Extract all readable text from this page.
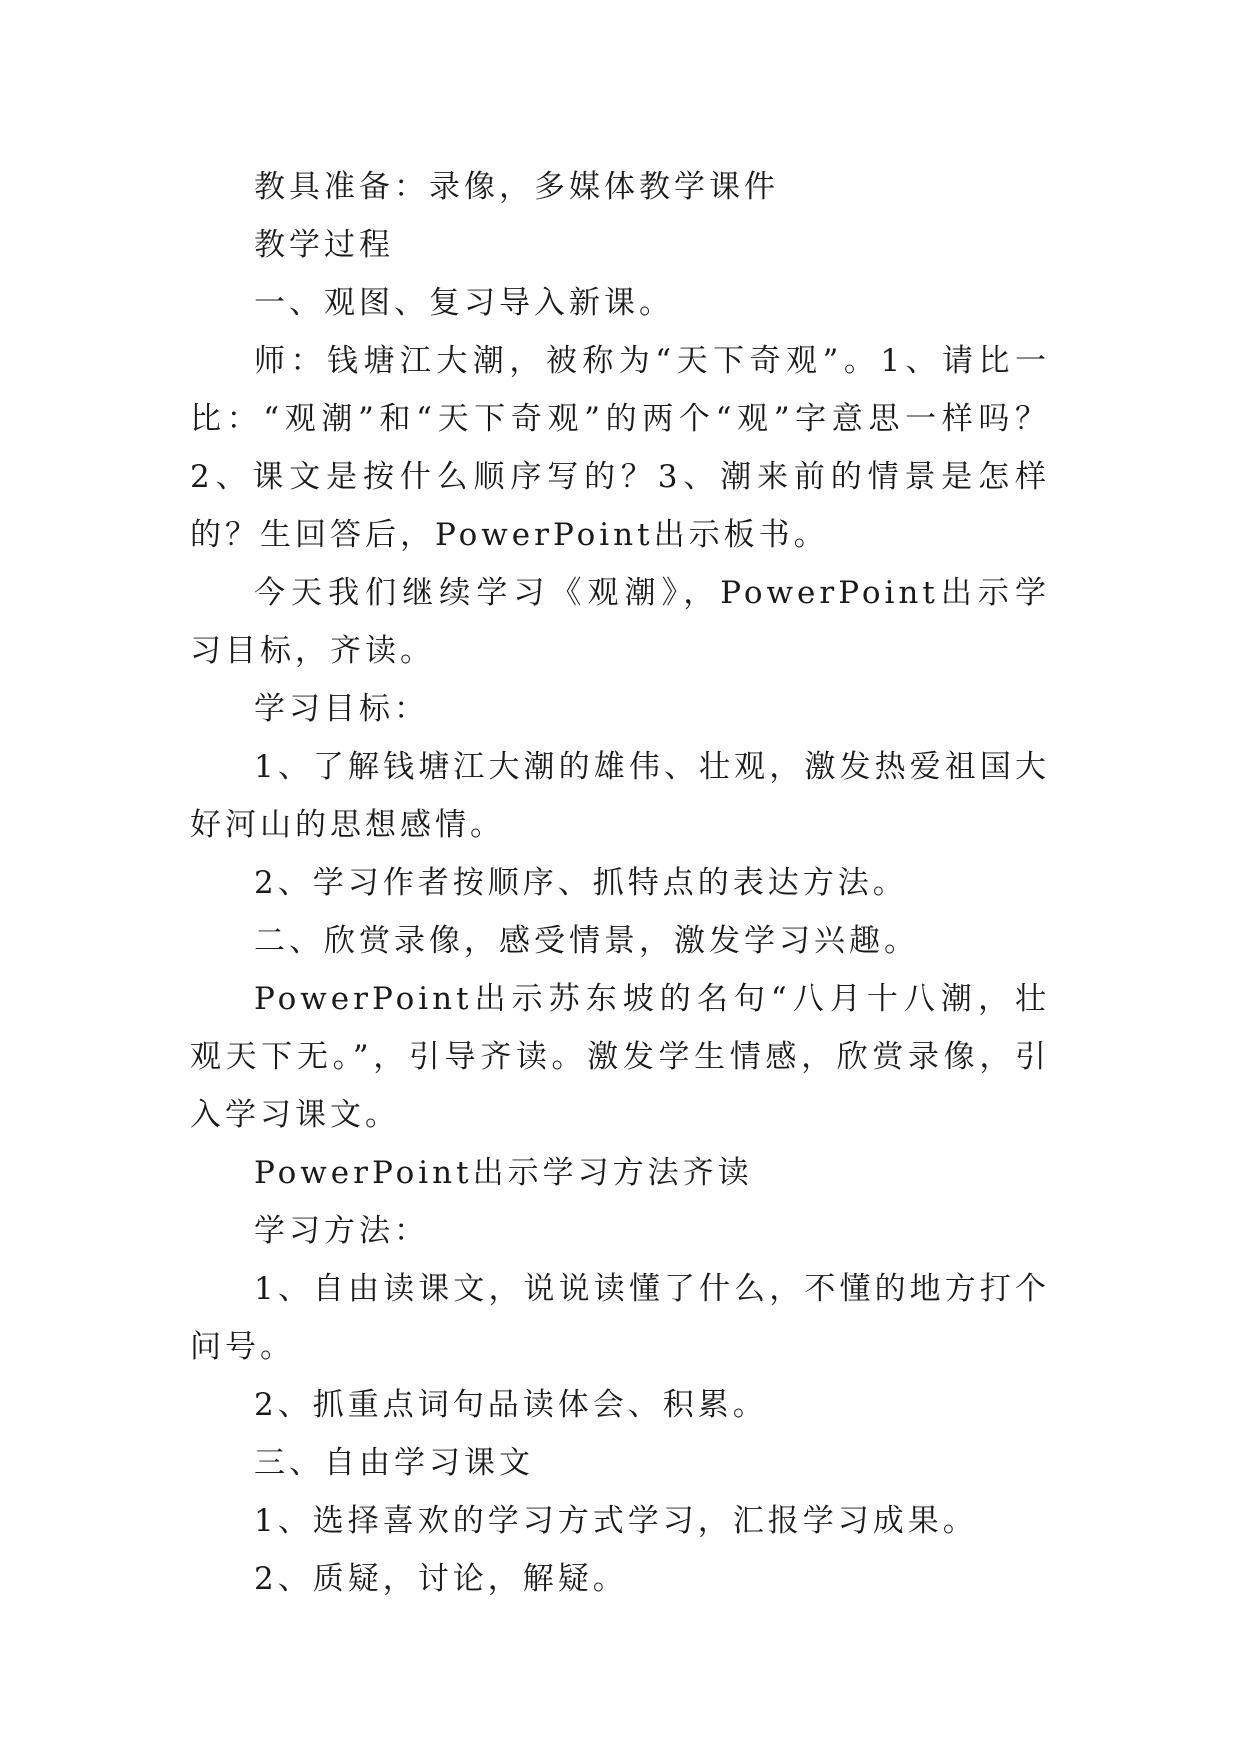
教具准备：录像，多媒体教学课件

教学过程

一、观图、复习导入新课。

师：钱塘江大潮，被称为“天下奇观”。1、请比一比：“观潮”和“天下奇观”的两个“观”字意思一样吗？2、课文是按什么顺序写的？3、潮来前的情景是怎样的？生回答后，PowerPoint出示板书。

今天我们继续学习《观潮》，PowerPoint出示学习目标，齐读。

学习目标：

1、了解钱塘江大潮的雄伟、壮观，激发热爱祖国大好河山的思想感情。

2、学习作者按顺序、抓特点的表达方法。

二、欣赏录像，感受情景，激发学习兴趣。

PowerPoint出示苏东坡的名句“八月十八潮，壮观天下无。”，引导齐读。激发学生情感，欣赏录像，引入学习课文。

PowerPoint出示学习方法齐读

学习方法：

1、自由读课文，说说读懂了什么，不懂的地方打个问号。

2、抓重点词句品读体会、积累。

三、自由学习课文

1、选择喜欢的学习方式学习，汇报学习成果。

2、质疑，讨论，解疑。
